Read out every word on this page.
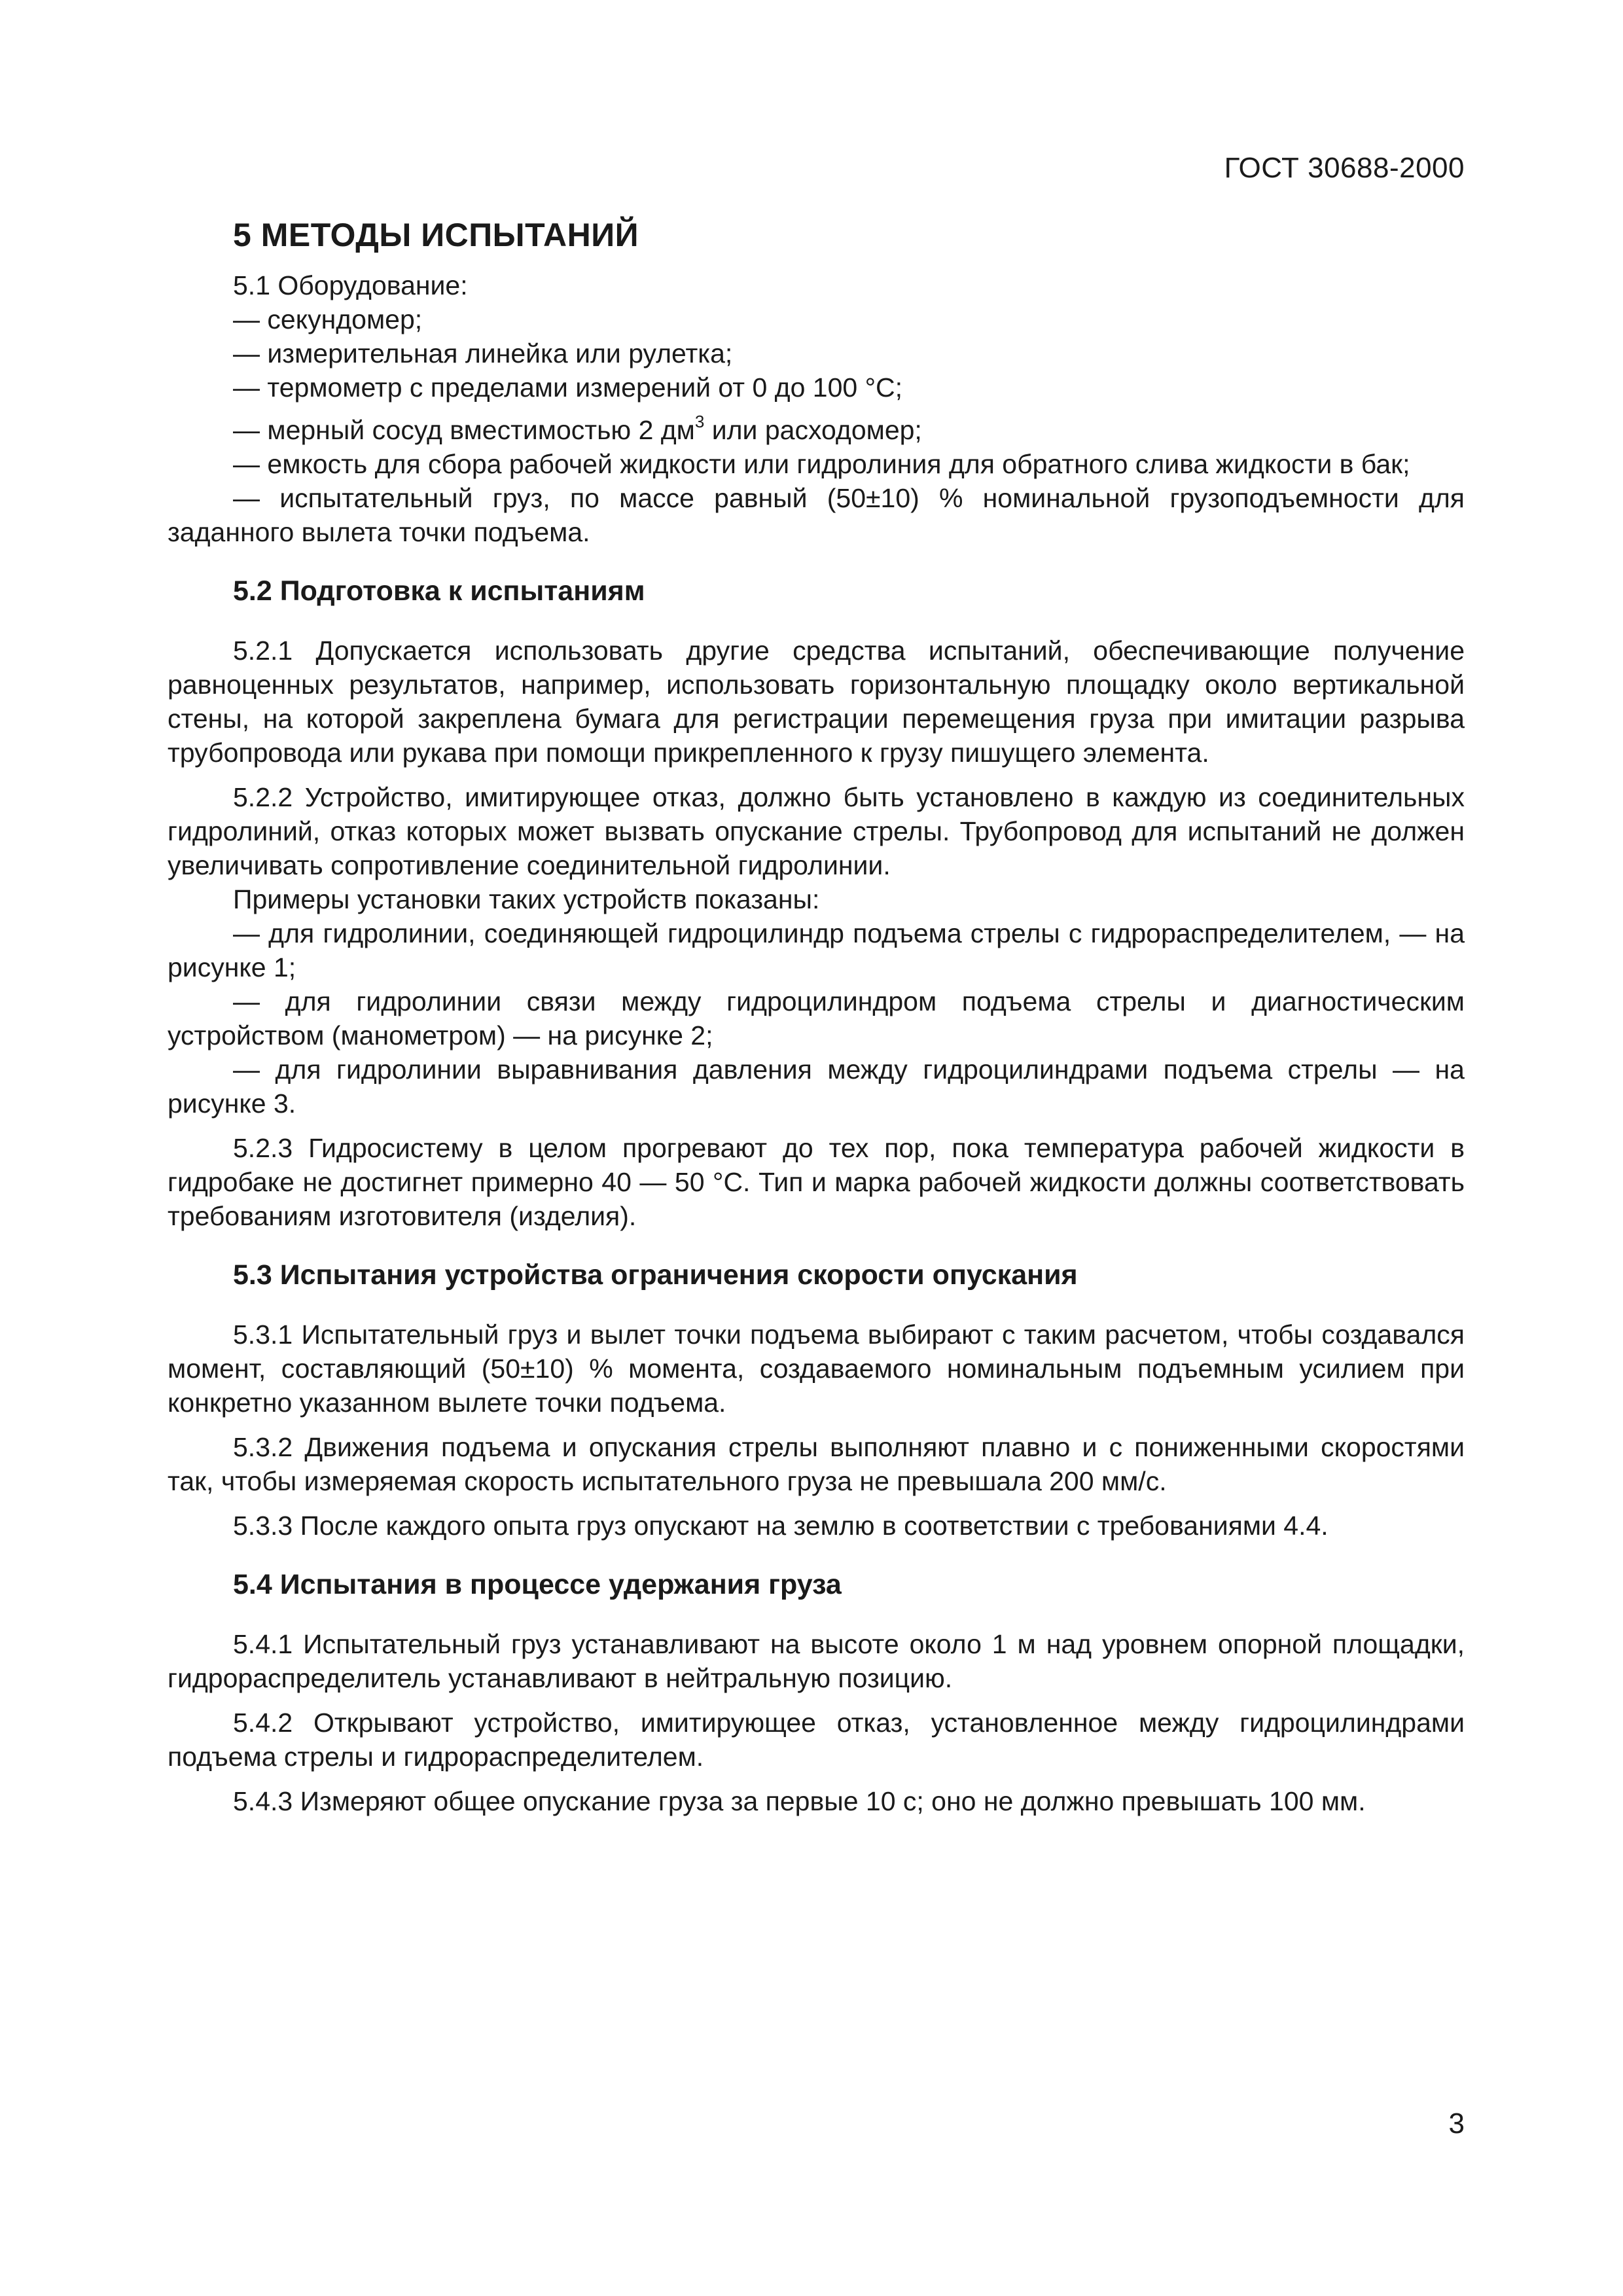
ГОСТ 30688-2000
5 МЕТОДЫ ИСПЫТАНИЙ
5.1 Оборудование:
— секундомер;
— измерительная линейка или рулетка;
— термометр с пределами измерений от 0 до 100 °С;
— мерный сосуд вместимостью 2 $дм^3$ или расходомер;
— емкость для сбора рабочей жидкости или гидролиния для обратного слива жидкости в бак;

— испытательный груз, по массе равный (50±10) % номинальной грузоподъемности для заданного вылета точки подъема.

5.2 Подготовка к испытаниям

5.2.1 Допускается использовать другие средства испытаний, обеспечивающие получение равноценных результатов, например, использовать горизонтальную площадку около вертикальной стены, на которой закреплена бумага для регистрации перемещения груза при имитации разрыва трубопровода или рукава при помощи прикрепленного к грузу пишущего элемента.

5.2.2 Устройство, имитирующее отказ, должно быть установлено в каждую из соединительных гидролиний, отказ которых может вызвать опускание стрелы. Трубопровод для испытаний не должен увеличивать сопротивление соединительной гидролинии.

Примеры установки таких устройств показаны:

— для гидролинии, соединяющей гидроцилиндр подъема стрелы с гидрораспределителем, — на рисунке 1;

— для гидролинии связи между гидроцилиндром подъема стрелы и диагностическим устройством (манометром) — на рисунке 2;

— для гидролинии выравнивания давления между гидроцилиндрами подъема стрелы — на рисунке 3.

5.2.3 Гидросистему в целом прогревают до тех пор, пока температура рабочей жидкости в гидробаке не достигнет примерно 40 — 50 °С. Тип и марка рабочей жидкости должны соответствовать требованиям изготовителя (изделия).

5.3 Испытания устройства ограничения скорости опускания

5.3.1 Испытательный груз и вылет точки подъема выбирают с таким расчетом, чтобы создавался момент, составляющий (50±10) % момента, создаваемого номинальным подъемным усилием при конкретно указанном вылете точки подъема.

5.3.2 Движения подъема и опускания стрелы выполняют плавно и с пониженными скоростями так, чтобы измеряемая скорость испытательного груза не превышала 200 мм/с.

5.3.3 После каждого опыта груз опускают на землю в соответствии с требованиями 4.4.

5.4 Испытания в процессе удержания груза

5.4.1 Испытательный груз устанавливают на высоте около 1 м над уровнем опорной площадки, гидрораспределитель устанавливают в нейтральную позицию.

5.4.2 Открывают устройство, имитирующее отказ, установленное между гидроцилиндрами подъема стрелы и гидрораспределителем.

5.4.3 Измеряют общее опускание груза за первые 10 с; оно не должно превышать 100 мм.

3
